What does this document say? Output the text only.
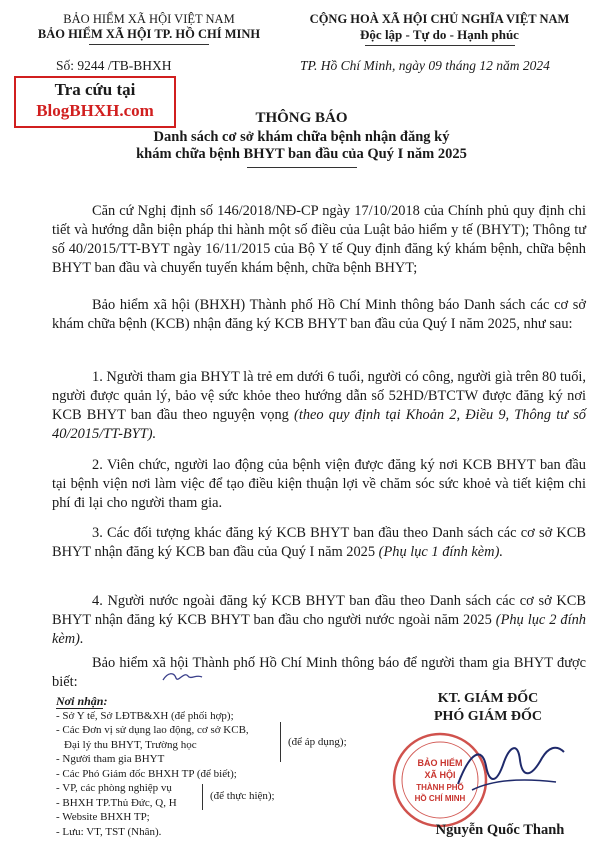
BẢO HIỂM XÃ HỘI VIỆT NAM
BẢO HIỂM XÃ HỘI TP. HỒ CHÍ MINH
CỘNG HOÀ XÃ HỘI CHỦ NGHĨA VIỆT NAM
Độc lập - Tự do - Hạnh phúc
Số: 9244 /TB-BHXH	TP. Hồ Chí Minh, ngày 09 tháng 12 năm 2024
Tra cứu tại
BlogBHXH.com	THÔNG BÁO
Danh sách cơ sở khám chữa bệnh nhận đăng ký
khám chữa bệnh BHYT ban đầu của Quý I năm 2025
Căn cứ Nghị định số 146/2018/NĐ-CP ngày 17/10/2018 của Chính phủ quy định chi tiết và hướng dẫn biện pháp thi hành một số điều của Luật bảo hiểm y tế (BHYT); Thông tư số 40/2015/TT-BYT ngày 16/11/2015 của Bộ Y tế Quy định đăng ký khám bệnh, chữa bệnh BHYT ban đầu và chuyển tuyến khám bệnh, chữa bệnh BHYT;
Bảo hiểm xã hội (BHXH) Thành phố Hồ Chí Minh thông báo Danh sách các cơ sở khám chữa bệnh (KCB) nhận đăng ký KCB BHYT ban đầu của Quý I năm 2025, như sau:
1. Người tham gia BHYT là trẻ em dưới 6 tuổi, người có công, người già trên 80 tuổi, người được quản lý, bảo vệ sức khỏe theo hướng dẫn số 52HD/BTCTW được đăng ký nơi KCB BHYT ban đầu theo nguyện vọng (theo quy định tại Khoản 2, Điều 9, Thông tư số 40/2015/TT-BYT).
2. Viên chức, người lao động của bệnh viện được đăng ký nơi KCB BHYT ban đầu tại bệnh viện nơi làm việc để tạo điều kiện thuận lợi về chăm sóc sức khoẻ và tiết kiệm chi phí đi lại cho người tham gia.
3. Các đối tượng khác đăng ký KCB BHYT ban đầu theo Danh sách các cơ sở KCB BHYT nhận đăng ký KCB ban đầu của Quý I năm 2025 (Phụ lục 1 đính kèm).
4. Người nước ngoài đăng ký KCB BHYT ban đầu theo Danh sách các cơ sở KCB BHYT nhận đăng ký KCB BHYT ban đầu cho người nước ngoài năm 2025 (Phụ lục 2 đính kèm).
Bảo hiểm xã hội Thành phố Hồ Chí Minh thông báo để người tham gia BHYT được biết:
Nơi nhận:
- Sở Y tế, Sở LĐTB&XH (để phối hợp);
- Các Đơn vị sử dụng lao động, cơ sở KCB,
Đại lý thu BHYT, Trường học
- Người tham gia BHYT
- Các Phó Giám đốc BHXH TP (để biết);
- VP, các phòng nghiệp vụ
- BHXH TP.Thủ Đức, Q, H
- Website BHXH TP;
- Lưu: VT, TST (Nhân).
(để áp dụng);
(để thực hiện);
KT. GIÁM ĐỐC
PHÓ GIÁM ĐỐC
BẢO HIỂM
XÃ HỘI
THÀNH PHỐ
HỒ CHÍ MINH
Nguyễn Quốc Thanh
